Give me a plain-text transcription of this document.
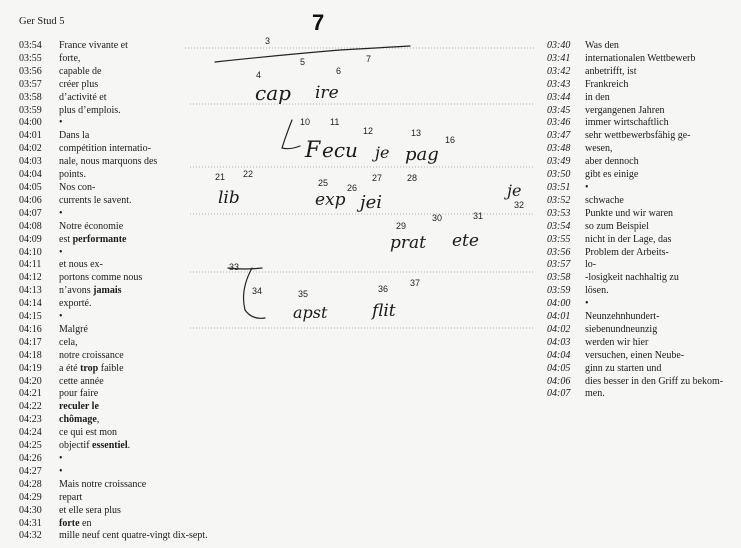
Ger Stud 5
03:54	France vivante et
03:55	forte,
03:56	capable de
03:57	créer plus
03:58	d’activité et
03:59	plus d’emplois.
04:00	•
04:01	Dans la
04:02	compétition internatio-
04:03	nale, nous marquons des
04:04	points.
04:05	Nos con-
04:06	currents le savent.
04:07	•
04:08	Notre économie
04:09	est performante
04:10	•
04:11	et nous ex-
04:12	portons comme nous
04:13	n’avons jamais
04:14	exporté.
04:15	•
04:16	Malgré
04:17	cela,
04:18	notre croissance
04:19	a été trop faible
04:20	cette année
04:21	pour faire
04:22	reculer le
04:23	chômage,
04:24	ce qui est mon
04:25	objectif essentiel.
04:26	•
04:27	•
04:28	Mais notre croissance
04:29	repart
04:30	et elle sera plus
04:31	forte en
04:32	mille neuf cent quatre-vingt dix-sept.
03:40	Was den
03:41	internationalen Wettbewerb
03:42	anbetrifft, ist
03:43	Frankreich
03:44	in den
03:45	vergangenen Jahren
03:46	immer wirtschaftlich
03:47	sehr wettbewerbsfähig ge-
03:48	wesen,
03:49	aber dennoch
03:50	gibt es einige
03:51	•
03:52	schwache
03:53	Punkte und wir waren
03:54	so zum Beispiel
03:55	nicht in der Lage, das
03:56	Problem der Arbeits-
03:57	lo-
03:58	-losigkeit nachhaltig zu
03:59	lösen.
04:00	•
04:01	Neunzehnhundert-
04:02	siebenundneunzig
04:03	werden wir hier
04:04	versuchen, einen Neube-
04:05	ginn zu starten und
04:06	dies besser in den Griff zu bekom-
04:07	men.
7
3
4
5
6
7
10 11
12	13
16
21 22
25 26
27	28
29
30	31
32
33
34	35	36
37
cap ire
F ecu je pag
lib	exp jei
je
prat ete
apst	flit
